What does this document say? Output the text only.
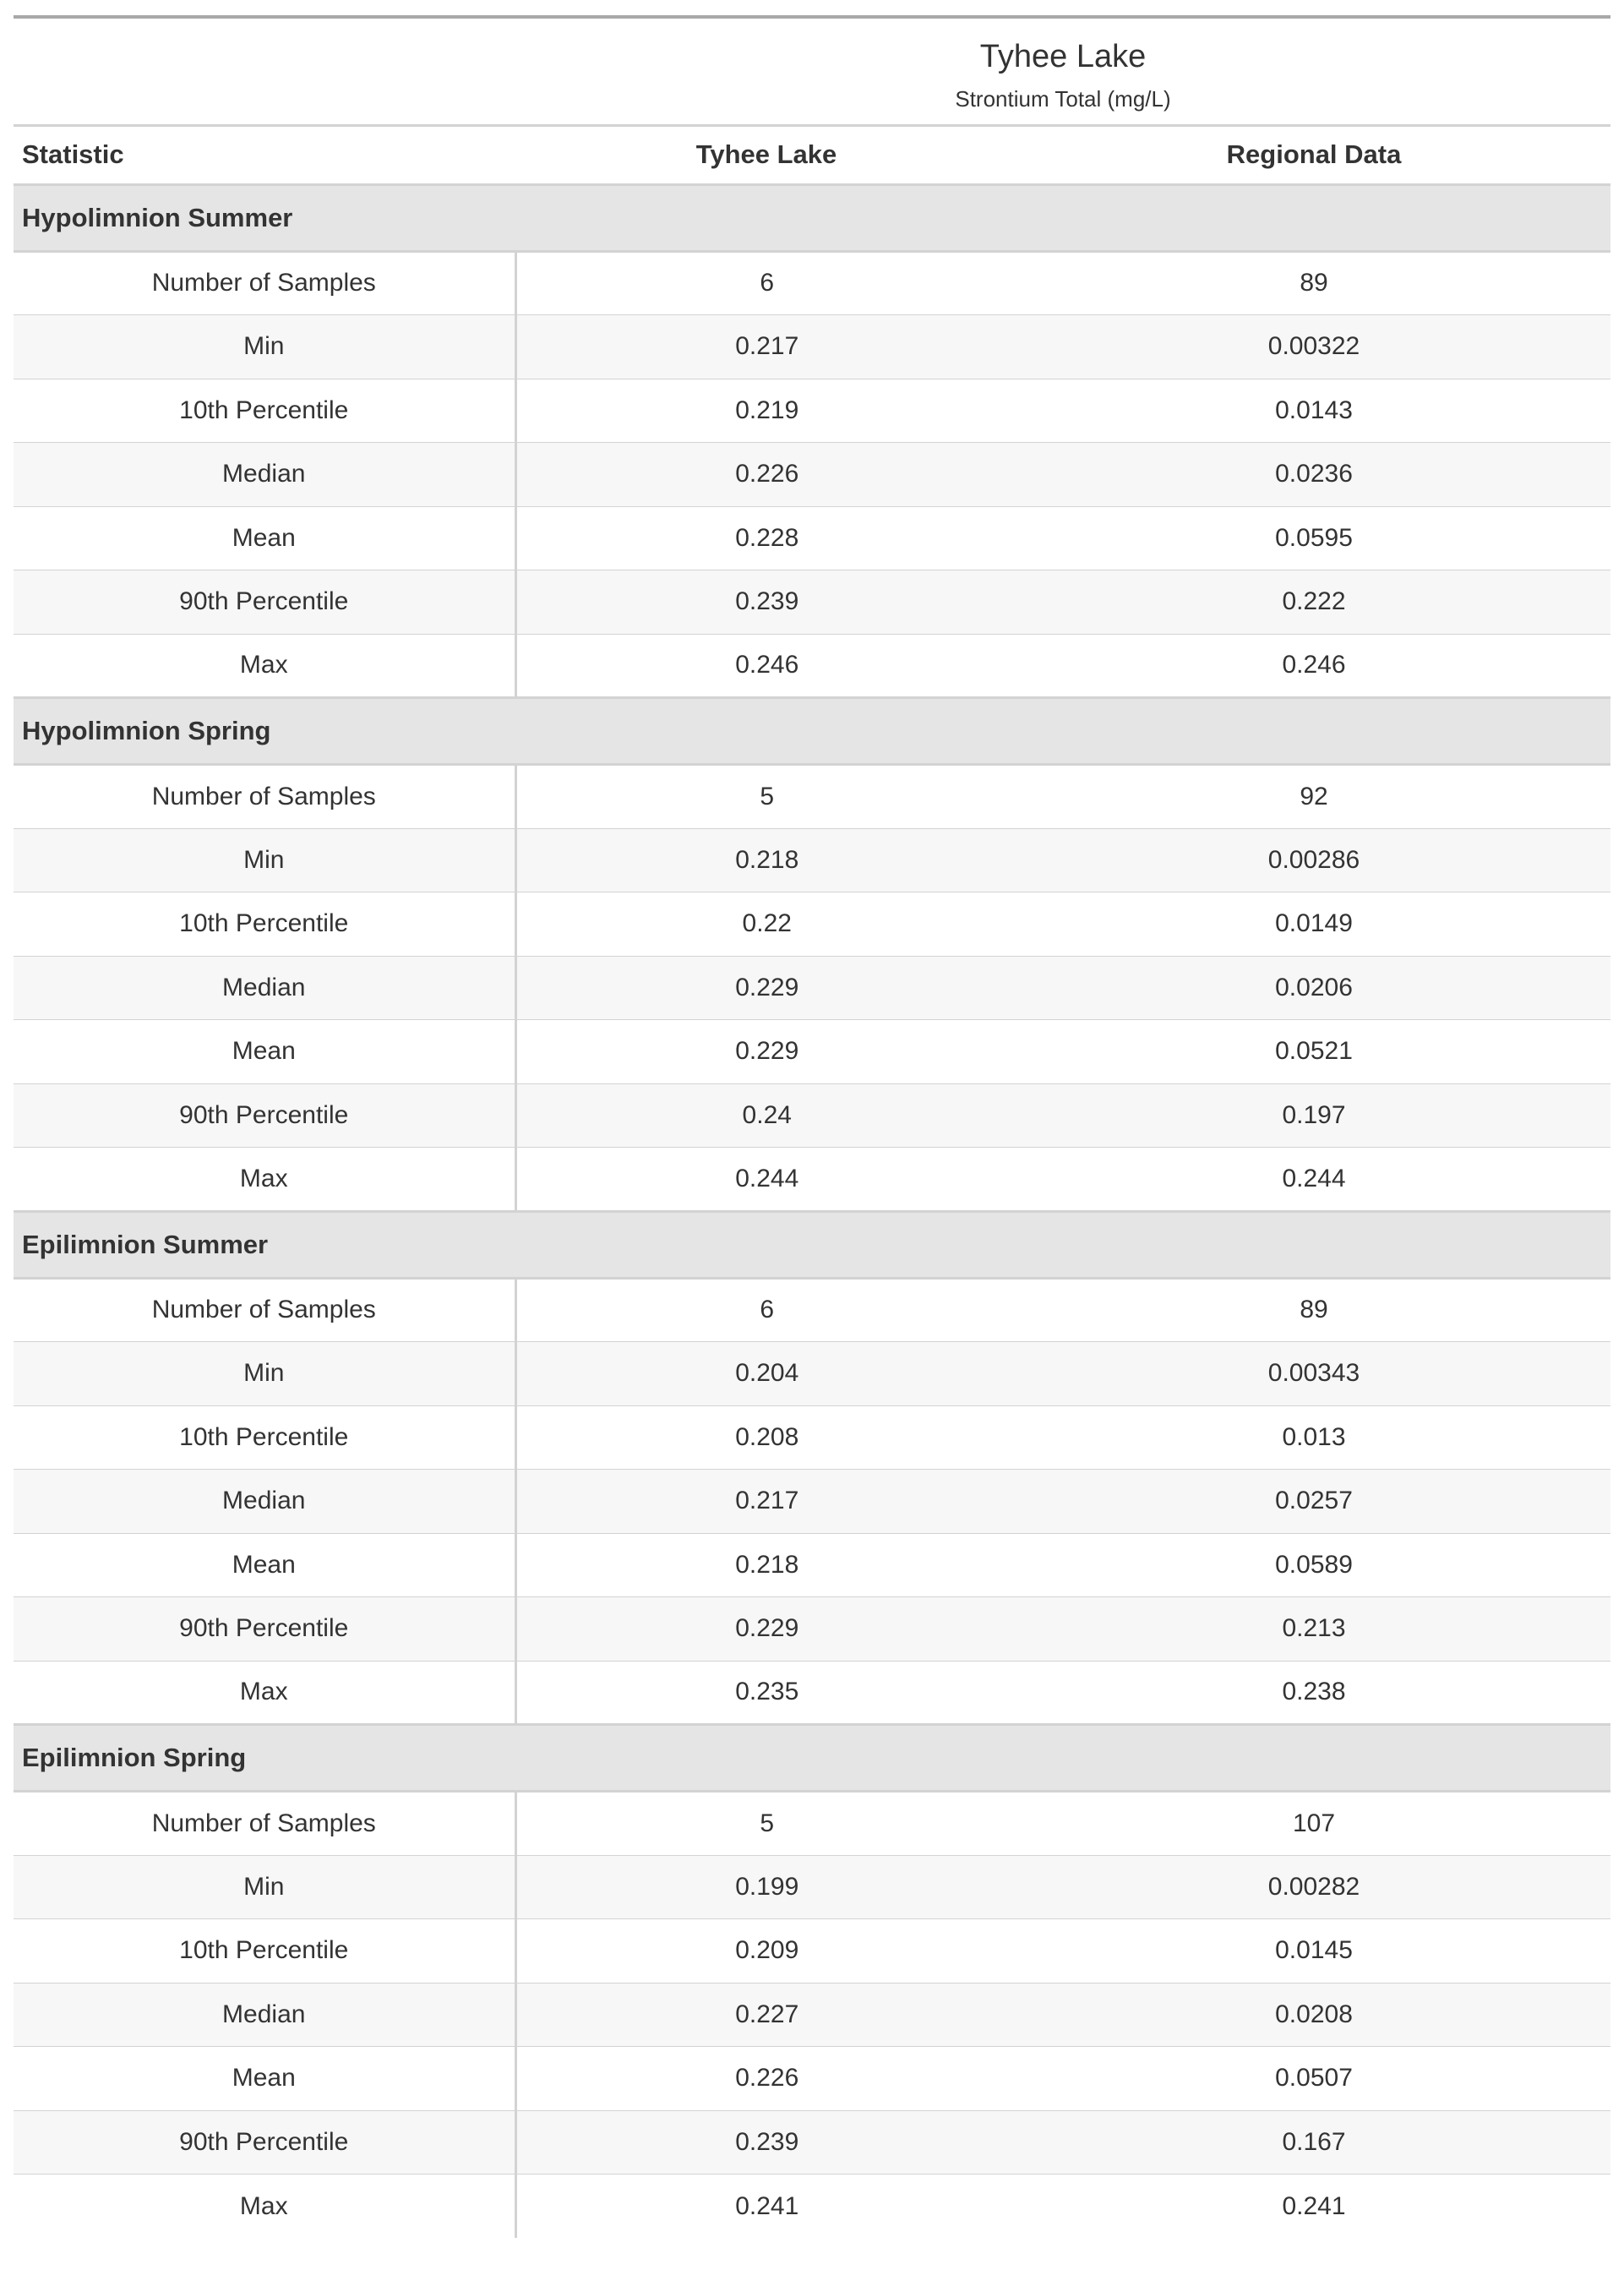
	Tyhee Lake	
	Strontium Total (mg/L)	
Statistic	Tyhee Lake	Regional Data
Hypolimnion Summer		
Number of Samples	6	89
Min	0.217	0.00322
10th Percentile	0.219	0.0143
Median	0.226	0.0236
Mean	0.228	0.0595
90th Percentile	0.239	0.222
Max	0.246	0.246
Hypolimnion Spring		
Number of Samples	5	92
Min	0.218	0.00286
10th Percentile	0.22	0.0149
Median	0.229	0.0206
Mean	0.229	0.0521
90th Percentile	0.24	0.197
Max	0.244	0.244
Epilimnion Summer		
Number of Samples	6	89
Min	0.204	0.00343
10th Percentile	0.208	0.013
Median	0.217	0.0257
Mean	0.218	0.0589
90th Percentile	0.229	0.213
Max	0.235	0.238
Epilimnion Spring		
Number of Samples	5	107
Min	0.199	0.00282
10th Percentile	0.209	0.0145
Median	0.227	0.0208
Mean	0.226	0.0507
90th Percentile	0.239	0.167
Max	0.241	0.241
